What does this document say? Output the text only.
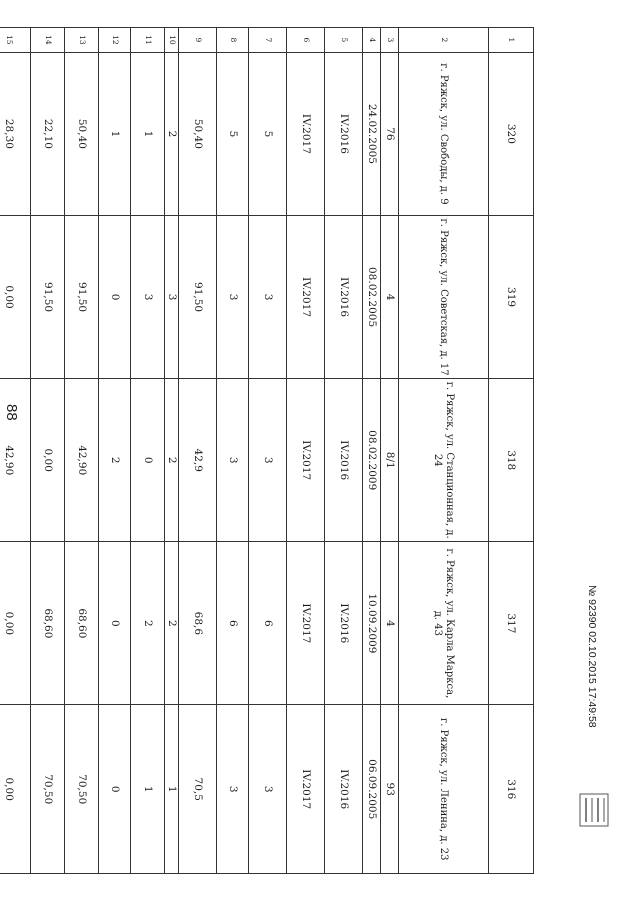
88
1	320	319	318	317	316
2	г. Ряжск, ул. Свободы, д. 9	г. Ряжск, ул. Советская, д. 17	г. Ряжск, ул. Станционная, д. 24	г. Ряжск, ул. Карла Маркса, д. 43	г. Ряжск, ул. Ленина, д. 23
3	76	4	8/1	4	93
4	24.02.2005	08.02.2005	08.02.2009	10.09.2009	06.09.2005
5	IV.2016	IV.2016	IV.2016	IV.2016	IV.2016
6	IV.2017	IV.2017	IV.2017	IV.2017	IV.2017
7	5	3	3	6	3
8	5	3	3	6	3
9	50,40	91,50	42,9	68,6	70,5
10	2	3	2	2	1
11	1	3	0	2	1
12	1	0	2	0	0
13	50,40	91,50	42,90	68,60	70,50
14	22,10	91,50	0,00	68,60	70,50
15	28,30	0,00	42,90	0,00	0,00

№ 92390 02.10.2015 17:49:58
